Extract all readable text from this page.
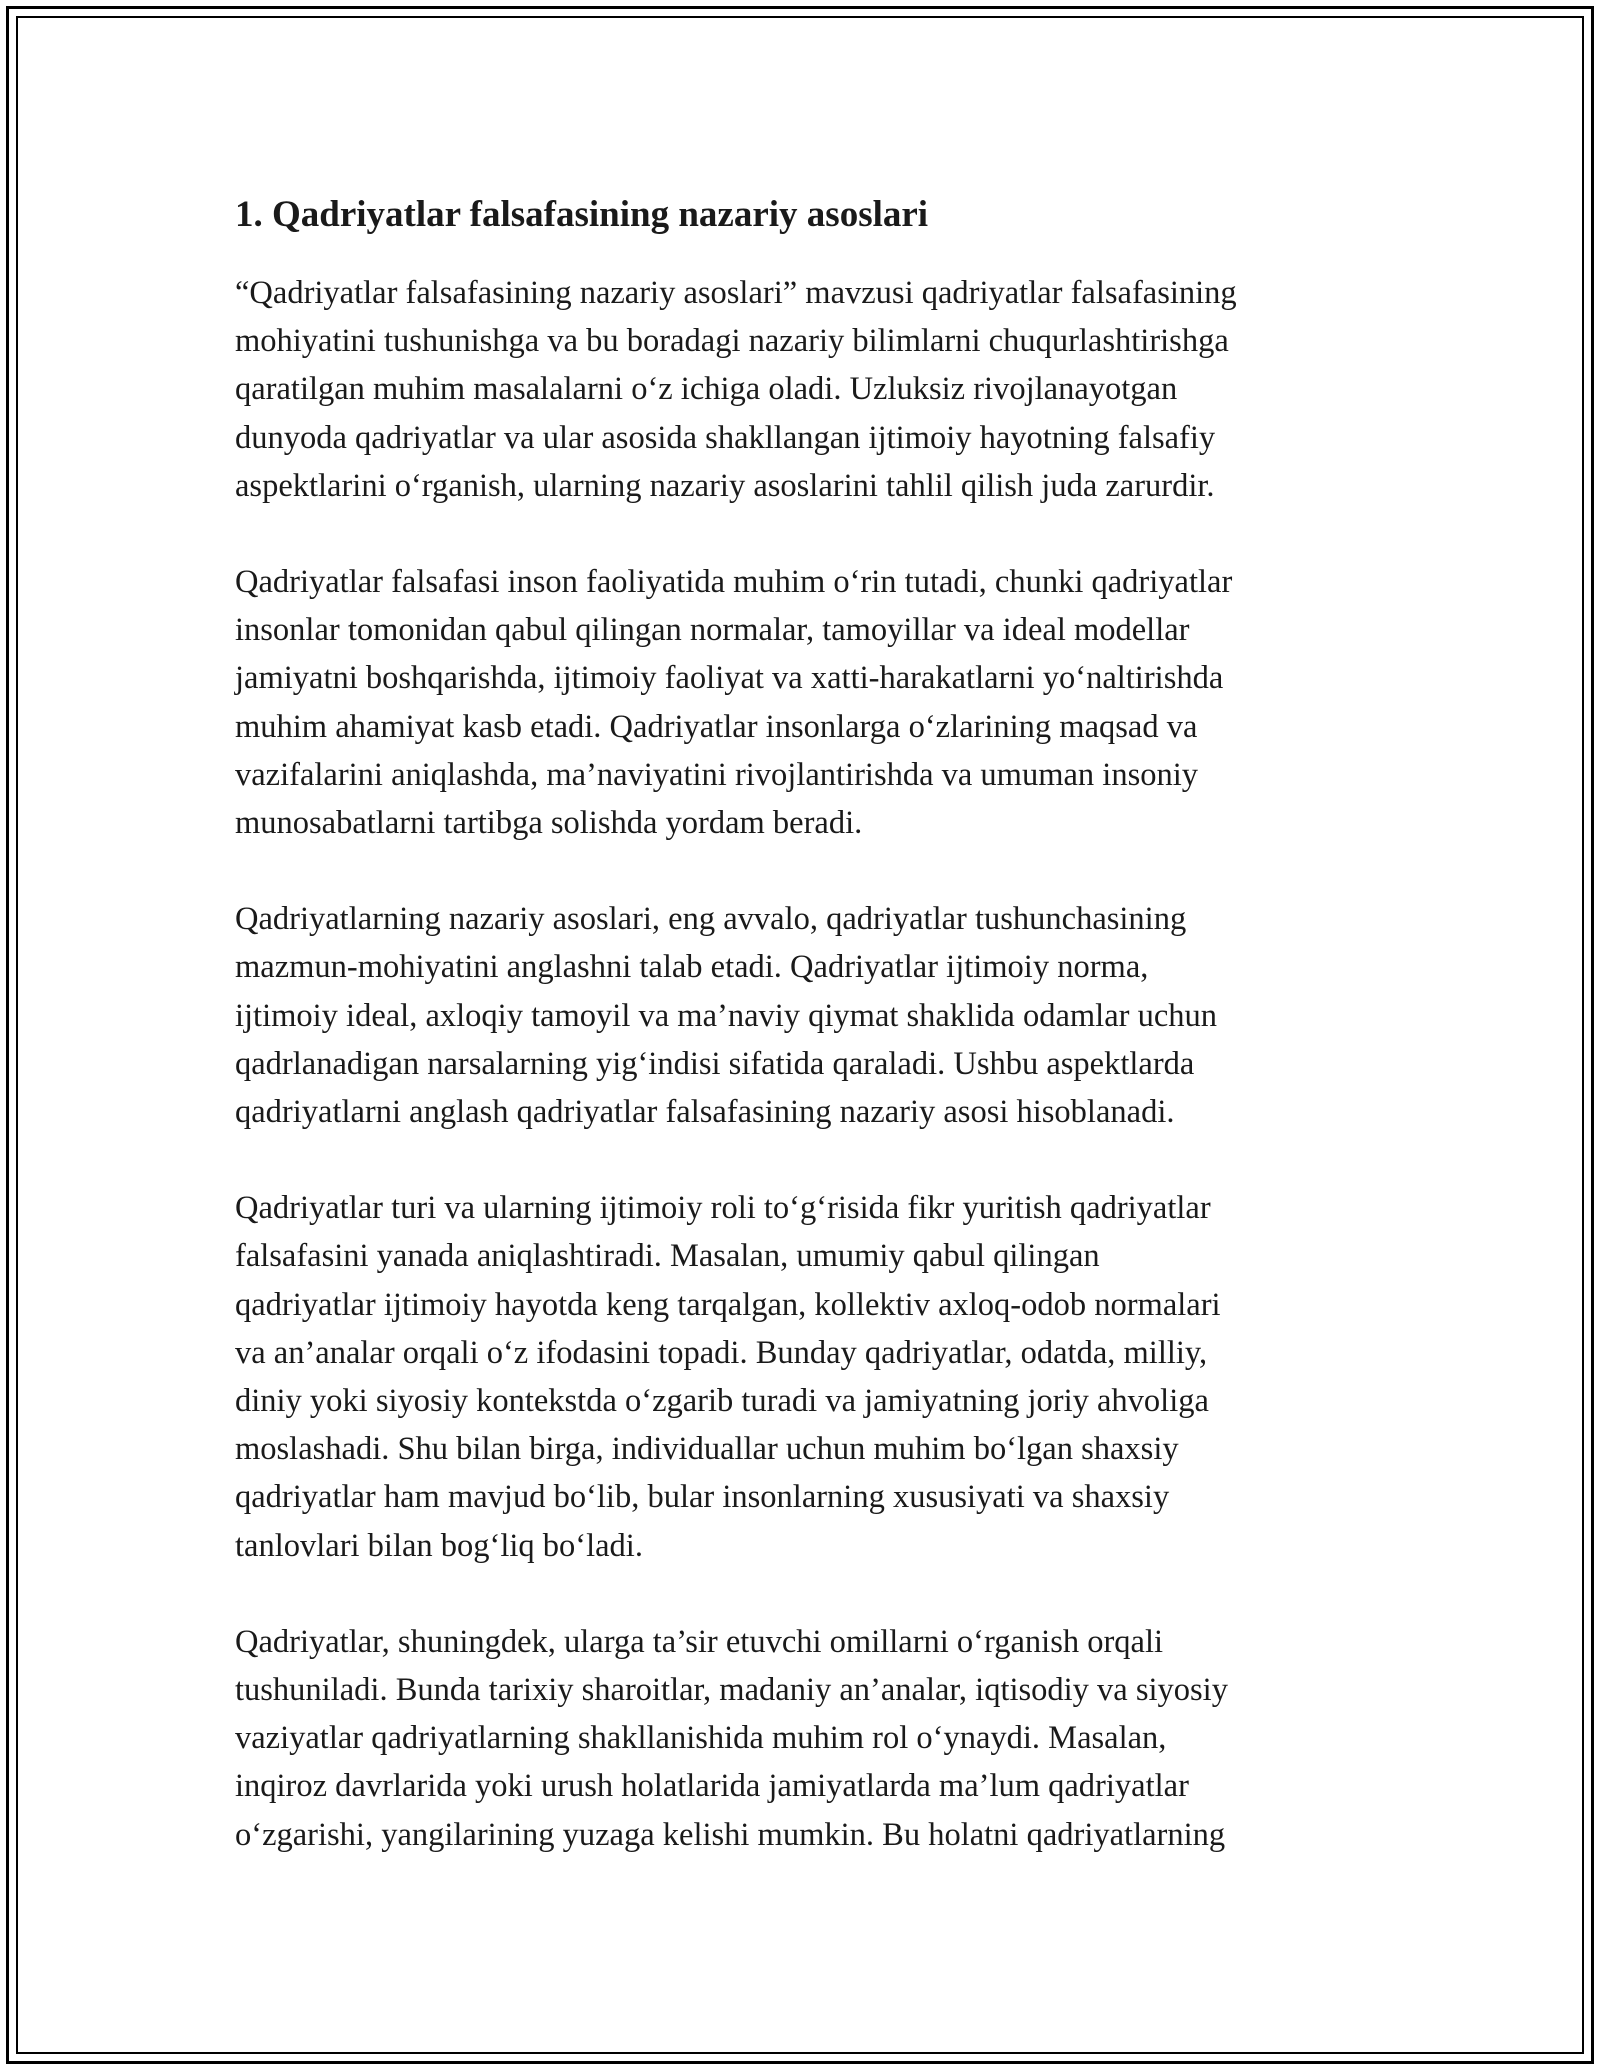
1. Qadriyatlar falsafasining nazariy asoslari

“Qadriyatlar falsafasining nazariy asoslari” mavzusi qadriyatlar falsafasining
mohiyatini tushunishga va bu boradagi nazariy bilimlarni chuqurlashtirishga
qaratilgan muhim masalalarni o‘z ichiga oladi. Uzluksiz rivojlanayotgan
dunyoda qadriyatlar va ular asosida shakllangan ijtimoiy hayotning falsafiy
aspektlarini o‘rganish, ularning nazariy asoslarini tahlil qilish juda zarurdir.

Qadriyatlar falsafasi inson faoliyatida muhim o‘rin tutadi, chunki qadriyatlar
insonlar tomonidan qabul qilingan normalar, tamoyillar va ideal modellar
jamiyatni boshqarishda, ijtimoiy faoliyat va xatti-harakatlarni yo‘naltirishda
muhim ahamiyat kasb etadi. Qadriyatlar insonlarga o‘zlarining maqsad va
vazifalarini aniqlashda, ma’naviyatini rivojlantirishda va umuman insoniy
munosabatlarni tartibga solishda yordam beradi.

Qadriyatlarning nazariy asoslari, eng avvalo, qadriyatlar tushunchasining
mazmun-mohiyatini anglashni talab etadi. Qadriyatlar ijtimoiy norma,
ijtimoiy ideal, axloqiy tamoyil va ma’naviy qiymat shaklida odamlar uchun
qadrlanadigan narsalarning yig‘indisi sifatida qaraladi. Ushbu aspektlarda
qadriyatlarni anglash qadriyatlar falsafasining nazariy asosi hisoblanadi.

Qadriyatlar turi va ularning ijtimoiy roli to‘g‘risida fikr yuritish qadriyatlar
falsafasini yanada aniqlashtiradi. Masalan, umumiy qabul qilingan
qadriyatlar ijtimoiy hayotda keng tarqalgan, kollektiv axloq-odob normalari
va an’analar orqali o‘z ifodasini topadi. Bunday qadriyatlar, odatda, milliy,
diniy yoki siyosiy kontekstda o‘zgarib turadi va jamiyatning joriy ahvoliga
moslashadi. Shu bilan birga, individuallar uchun muhim bo‘lgan shaxsiy
qadriyatlar ham mavjud bo‘lib, bular insonlarning xususiyati va shaxsiy
tanlovlari bilan bog‘liq bo‘ladi.

Qadriyatlar, shuningdek, ularga ta’sir etuvchi omillarni o‘rganish orqali
tushuniladi. Bunda tarixiy sharoitlar, madaniy an’analar, iqtisodiy va siyosiy
vaziyatlar qadriyatlarning shakllanishida muhim rol o‘ynaydi. Masalan,
inqiroz davrlarida yoki urush holatlarida jamiyatlarda ma’lum qadriyatlar
o‘zgarishi, yangilarining yuzaga kelishi mumkin. Bu holatni qadriyatlarning
